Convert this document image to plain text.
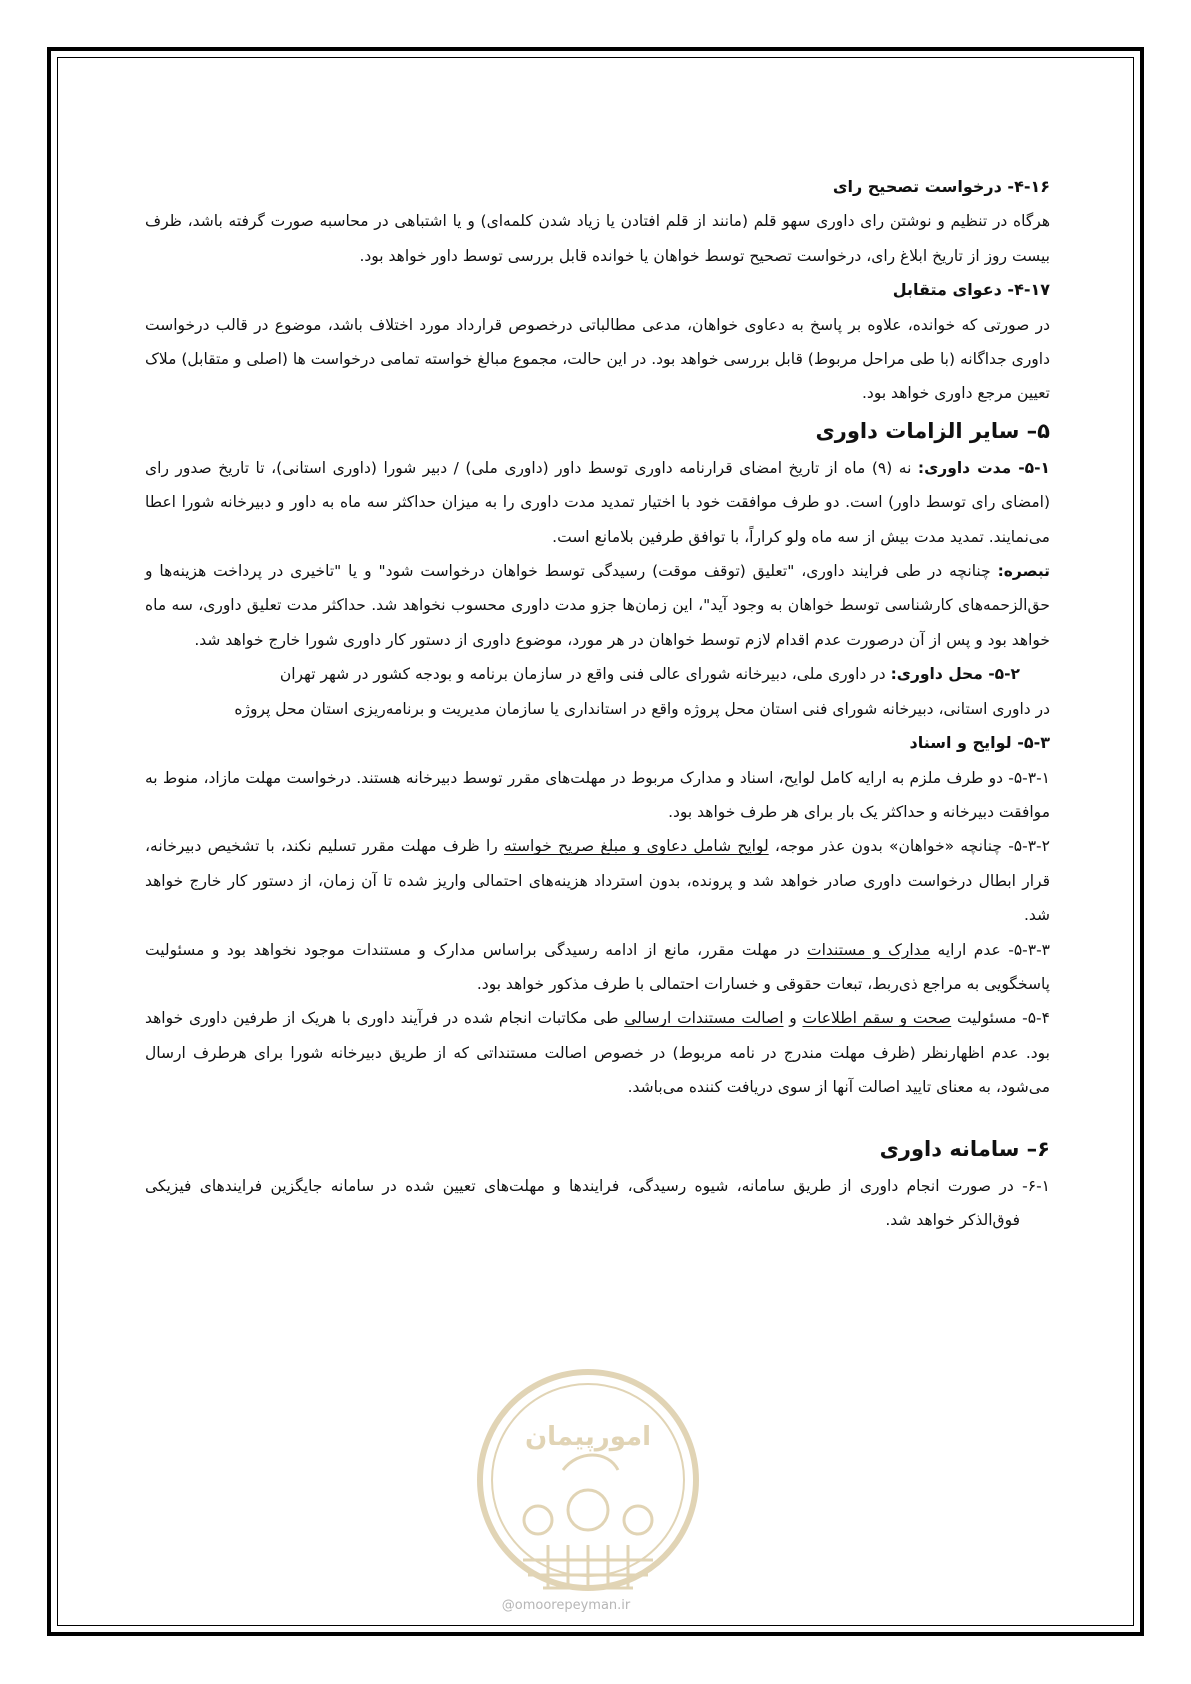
امورپیمان
@omoorepeyman.ir

۴-۱۶- درخواست تصحیح رای

هرگاه در تنظیم و نوشتن رای داوری سهو قلم (مانند از قلم افتادن یا زیاد شدن کلمه‌ای) و یا اشتباهی در محاسبه صورت گرفته باشد، ظرف بیست روز از تاریخ ابلاغ رای، درخواست تصحیح توسط خواهان یا خوانده قابل بررسی توسط داور خواهد بود.

۴-۱۷- دعوای متقابل

در صورتی که خوانده، علاوه بر پاسخ به دعاوی خواهان، مدعی مطالباتی درخصوص قرارداد مورد اختلاف باشد، موضوع در قالب درخواست داوری جداگانه (با طی مراحل مربوط) قابل بررسی خواهد بود. در این حالت، مجموع مبالغ خواسته تمامی درخواست ها (اصلی و متقابل) ملاک تعیین مرجع داوری خواهد بود.

۵– سایر الزامات داوری

۵-۱- مدت داوری: نه (۹) ماه از تاریخ امضای قرارنامه داوری توسط داور (داوری ملی) / دبیر شورا (داوری استانی)، تا تاریخ صدور رای (امضای رای توسط داور) است. دو طرف موافقت خود با اختیار تمدید مدت داوری را به میزان حداکثر سه ماه به داور و دبیرخانه شورا اعطا می‌نمایند. تمدید مدت بیش از سه ماه ولو کراراً، با توافق طرفین بلامانع است.

تبصره: چنانچه در طی فرایند داوری، "تعلیق (توقف موقت) رسیدگی توسط خواهان درخواست شود" و یا "تاخیری در پرداخت هزینه‌ها و حق‌الزحمه‌های کارشناسی توسط خواهان به وجود آید"، این زمان‌ها جزو مدت داوری محسوب نخواهد شد. حداکثر مدت تعلیق داوری، سه ماه خواهد بود و پس از آن درصورت عدم اقدام لازم توسط خواهان در هر مورد، موضوع داوری از دستور کار داوری شورا خارج خواهد شد.

۵-۲- محل داوری: در داوری ملی، دبیرخانه شورای عالی فنی واقع در سازمان برنامه و بودجه کشور در شهر تهران

در داوری استانی، دبیرخانه شورای فنی استان محل پروژه واقع در استانداری یا سازمان مدیریت و برنامه‌ریزی استان محل پروژه

۵-۳- لوایح و اسناد

۵-۳-۱- دو طرف ملزم به ارایه کامل لوایح، اسناد و مدارک مربوط در مهلت‌های مقرر توسط دبیرخانه هستند. درخواست مهلت مازاد، منوط به موافقت دبیرخانه و حداکثر یک بار برای هر طرف خواهد بود.

۵-۳-۲- چنانچه «خواهان» بدون عذر موجه، لوایح شامل دعاوی و مبلغ صریح خواسته را ظرف مهلت مقرر تسلیم نکند، با تشخیص دبیرخانه، قرار ابطال درخواست داوری صادر خواهد شد و پرونده، بدون استرداد هزینه‌های احتمالی واریز شده تا آن زمان، از دستور کار خارج خواهد شد.

۵-۳-۳- عدم ارایه مدارک و مستندات در مهلت مقرر، مانع از ادامه رسیدگی براساس مدارک و مستندات موجود نخواهد بود و مسئولیت پاسخگویی به مراجع ذی‌ربط، تبعات حقوقی و خسارات احتمالی با طرف مذکور خواهد بود.

۵-۴- مسئولیت صحت و سقم اطلاعات و اصالت مستندات ارسالی طی مکاتبات انجام شده در فرآیند داوری با هریک از طرفین داوری خواهد بود. عدم اظهارنظر (ظرف مهلت مندرج در نامه مربوط) در خصوص اصالت مستنداتی که از طریق دبیرخانه شورا برای هرطرف ارسال می‌شود، به معنای تایید اصالت آنها از سوی دریافت کننده می‌باشد.

۶– سامانه داوری

۶-۱- در صورت انجام داوری از طریق سامانه، شیوه رسیدگی، فرایندها و مهلت‌های تعیین شده در سامانه جایگزین فرایندهای فیزیکی فوق‌الذکر خواهد شد.
